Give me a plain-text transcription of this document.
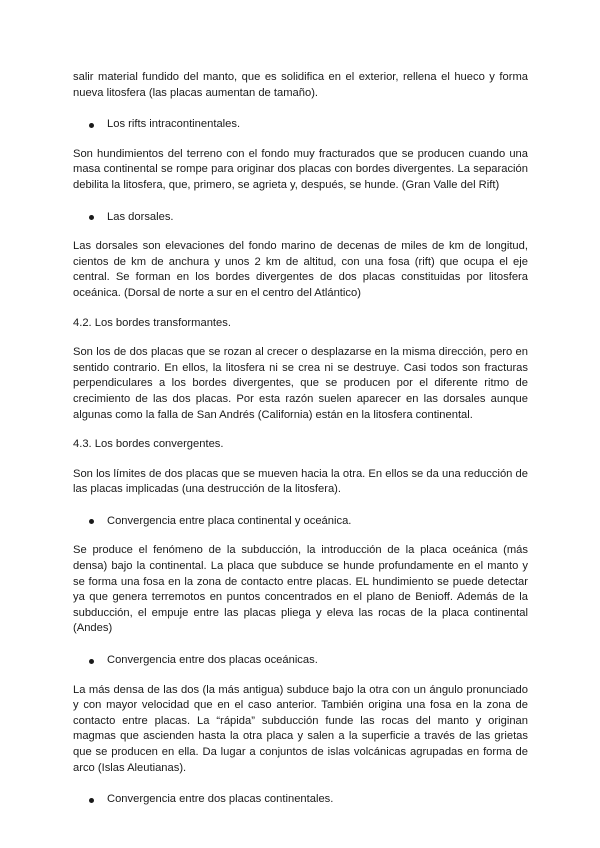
salir material fundido del manto, que es solidifica en el exterior, rellena el hueco y forma nueva litosfera (las placas aumentan de tamaño).

Los rifts intracontinentales.

Son hundimientos del terreno con el fondo muy fracturados que se producen cuando una masa continental se rompe para originar dos placas con bordes divergentes. La separación debilita la litosfera, que, primero, se agrieta y, después, se hunde. (Gran Valle del Rift)

Las dorsales.

Las dorsales son elevaciones del fondo marino de decenas de miles de km de longitud, cientos de km de anchura y unos 2 km de altitud, con una fosa (rift) que ocupa el eje central. Se forman en los bordes divergentes de dos placas constituidas por litosfera oceánica. (Dorsal de norte a sur en el centro del Atlántico)

4.2. Los bordes transformantes.

Son los de dos placas que se rozan al crecer o desplazarse en la misma dirección, pero en sentido contrario. En ellos, la litosfera ni se crea ni se destruye. Casi todos son fracturas perpendiculares a los bordes divergentes, que se producen por el diferente ritmo de crecimiento de las dos placas. Por esta razón suelen aparecer en las dorsales aunque algunas como la falla de San Andrés (California) están en la litosfera continental.

4.3. Los bordes convergentes.

Son los límites de dos placas que se mueven hacia la otra. En ellos se da una reducción de las placas implicadas (una destrucción de la litosfera).

Convergencia entre placa continental y oceánica.

Se produce el fenómeno de la subducción, la introducción de la placa oceánica (más densa) bajo la continental. La placa que subduce se hunde profundamente en el manto y se forma una fosa en la zona de contacto entre placas. EL hundimiento se puede detectar ya que genera terremotos en puntos concentrados en el plano de Benioff. Además de la subducción, el empuje entre las placas pliega y eleva las rocas de la placa continental (Andes)

Convergencia entre dos placas oceánicas.

La más densa de las dos (la más antigua) subduce bajo la otra con un ángulo pronunciado y con mayor velocidad que en el caso anterior. También origina una fosa en la zona de contacto entre placas. La “rápida” subducción funde las rocas del manto y originan magmas que ascienden hasta la otra placa y salen a la superficie a través de las grietas que se producen en ella. Da lugar a conjuntos de islas volcánicas agrupadas en forma de arco (Islas Aleutianas).

Convergencia entre dos placas continentales.
